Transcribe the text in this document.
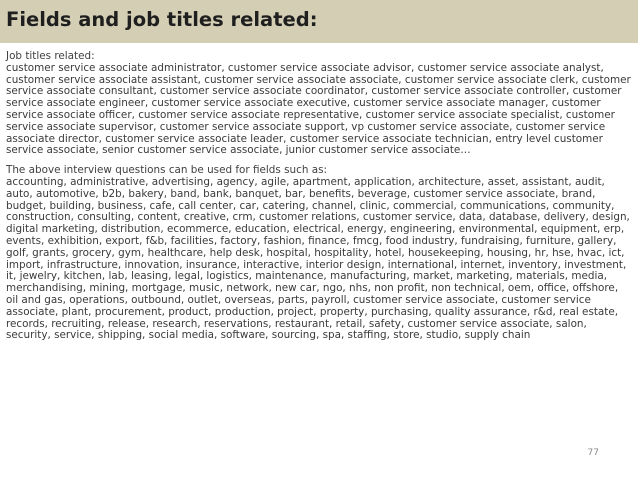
Fields and job titles related:

Job titles related:

customer service associate administrator, customer service associate advisor, customer service associate analyst, customer service associate assistant, customer service associate associate, customer service associate clerk, customer service associate consultant, customer service associate coordinator, customer service associate controller, customer service associate engineer, customer service associate executive, customer service associate manager, customer service associate officer, customer service associate representative, customer service associate specialist, customer service associate supervisor, customer service associate support, vp customer service associate, customer service associate director, customer service associate leader, customer service associate technician, entry level customer service associate, senior customer service associate, junior customer service associate…

The above interview questions can be used for fields such as:

accounting, administrative, advertising, agency, agile, apartment, application, architecture, asset, assistant, audit, auto, automotive, b2b, bakery, band, bank, banquet, bar, benefits, beverage, customer service associate, brand, budget, building, business, cafe, call center, car, catering, channel, clinic, commercial, communications, community, construction, consulting, content, creative, crm, customer relations, customer service, data, database, delivery, design, digital marketing, distribution, ecommerce, education, electrical, energy, engineering, environmental, equipment, erp, events, exhibition, export, f&b, facilities, factory, fashion, finance, fmcg, food industry, fundraising, furniture, gallery, golf, grants, grocery, gym, healthcare, help desk, hospital, hospitality, hotel, housekeeping, housing, hr, hse, hvac, ict, import, infrastructure, innovation, insurance, interactive, interior design, international, internet, inventory, investment, it, jewelry, kitchen, lab, leasing, legal, logistics, maintenance, manufacturing, market, marketing, materials, media, merchandising, mining, mortgage, music, network, new car, ngo, nhs, non profit, non technical, oem, office, offshore, oil and gas, operations, outbound, outlet, overseas, parts, payroll, customer service associate, customer service associate, plant, procurement, product, production, project, property, purchasing, quality assurance, r&d, real estate, records, recruiting, release, research, reservations, restaurant, retail, safety, customer service associate, salon, security, service, shipping, social media, software, sourcing, spa, staffing, store, studio, supply chain

77
